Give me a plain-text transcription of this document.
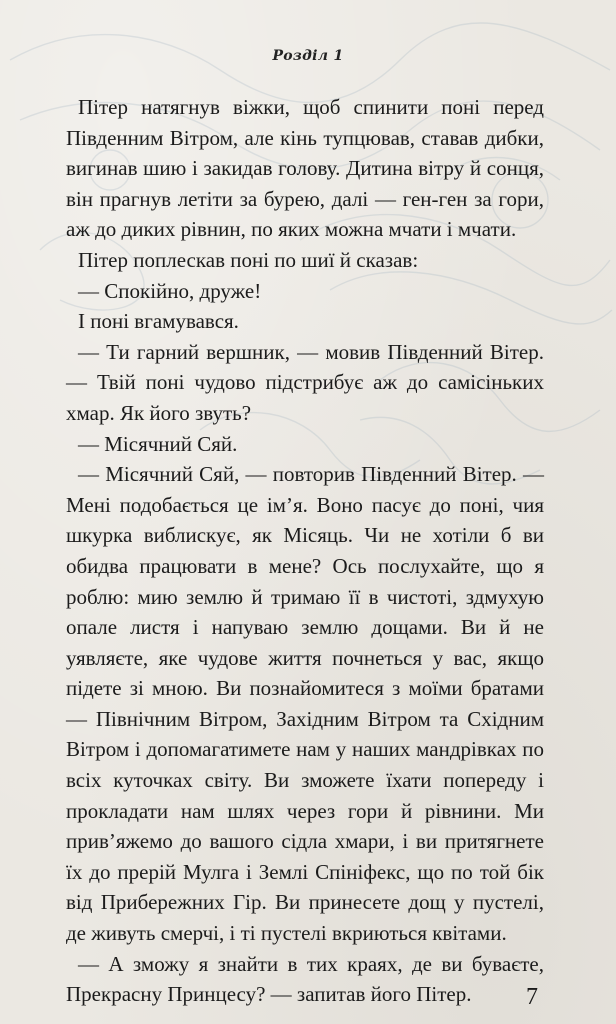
Розділ 1

Пітер натягнув віжки, щоб спинити поні перед Південним Вітром, але кінь тупцював, ставав дибки, вигинав шию і закидав голову. Дитина вітру й сонця, він прагнув летіти за бурею, далі — ген-ген за гори, аж до диких рівнин, по яких можна мчати і мчати.

Пітер поплескав поні по шиї й сказав:

— Спокійно, друже!

І поні вгамувався.

— Ти гарний вершник, — мовив Південний Вітер. — Твій поні чудово підстрибує аж до самісіньких хмар. Як його звуть?

— Місячний Сяй.

— Місячний Сяй, — повторив Південний Вітер. — Мені подобається це ім’я. Воно пасує до поні, чия шкурка виблискує, як Місяць. Чи не хотіли б ви обидва працювати в мене? Ось послухайте, що я роблю: мию землю й тримаю її в чистоті, здмухую опале листя і напуваю землю дощами. Ви й не уявляєте, яке чудове життя почнеться у вас, якщо підете зі мною. Ви познайомитеся з моїми братами — Північним Вітром, Західним Вітром та Східним Вітром і допомагатимете нам у наших мандрівках по всіх куточках світу. Ви зможете їхати попереду і прокладати нам шлях через гори й рівнини. Ми прив’яжемо до вашого сідла хмари, і ви притягнете їх до прерій Мулга і Землі Спініфекс, що по той бік від Прибережних Гір. Ви принесете дощ у пустелі, де живуть смерчі, і ті пустелі вкриються квітами.

— А зможу я знайти в тих краях, де ви буваєте, Прекрасну Принцесу? — запитав його Пітер.	7
